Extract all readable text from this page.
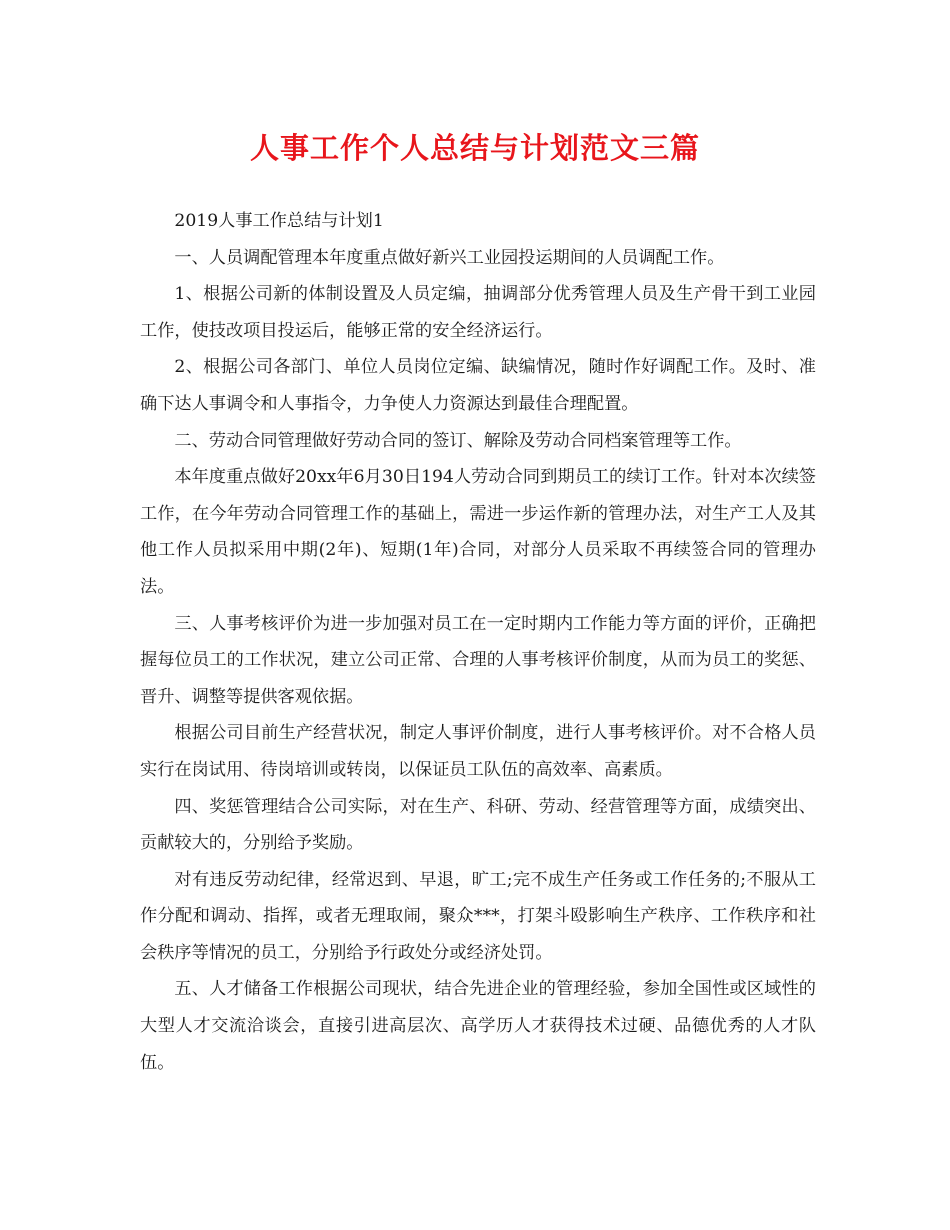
人事工作个人总结与计划范文三篇

2019人事工作总结与计划1

一、人员调配管理本年度重点做好新兴工业园投运期间的人员调配工作。

1、根据公司新的体制设置及人员定编，抽调部分优秀管理人员及生产骨干到工业园工作，使技改项目投运后，能够正常的安全经济运行。

2、根据公司各部门、单位人员岗位定编、缺编情况，随时作好调配工作。及时、准确下达人事调令和人事指令，力争使人力资源达到最佳合理配置。

二、劳动合同管理做好劳动合同的签订、解除及劳动合同档案管理等工作。

本年度重点做好20xx年6月30日194人劳动合同到期员工的续订工作。针对本次续签工作，在今年劳动合同管理工作的基础上，需进一步运作新的管理办法，对生产工人及其他工作人员拟采用中期(2年)、短期(1年)合同，对部分人员采取不再续签合同的管理办法。

三、人事考核评价为进一步加强对员工在一定时期内工作能力等方面的评价，正确把握每位员工的工作状况，建立公司正常、合理的人事考核评价制度，从而为员工的奖惩、晋升、调整等提供客观依据。

根据公司目前生产经营状况，制定人事评价制度，进行人事考核评价。对不合格人员实行在岗试用、待岗培训或转岗，以保证员工队伍的高效率、高素质。

四、奖惩管理结合公司实际，对在生产、科研、劳动、经营管理等方面，成绩突出、贡献较大的，分别给予奖励。

对有违反劳动纪律，经常迟到、早退，旷工;完不成生产任务或工作任务的;不服从工作分配和调动、指挥，或者无理取闹，聚众***，打架斗殴影响生产秩序、工作秩序和社会秩序等情况的员工，分别给予行政处分或经济处罚。

五、人才储备工作根据公司现状，结合先进企业的管理经验，参加全国性或区域性的大型人才交流洽谈会，直接引进高层次、高学历人才获得技术过硬、品德优秀的人才队伍。
